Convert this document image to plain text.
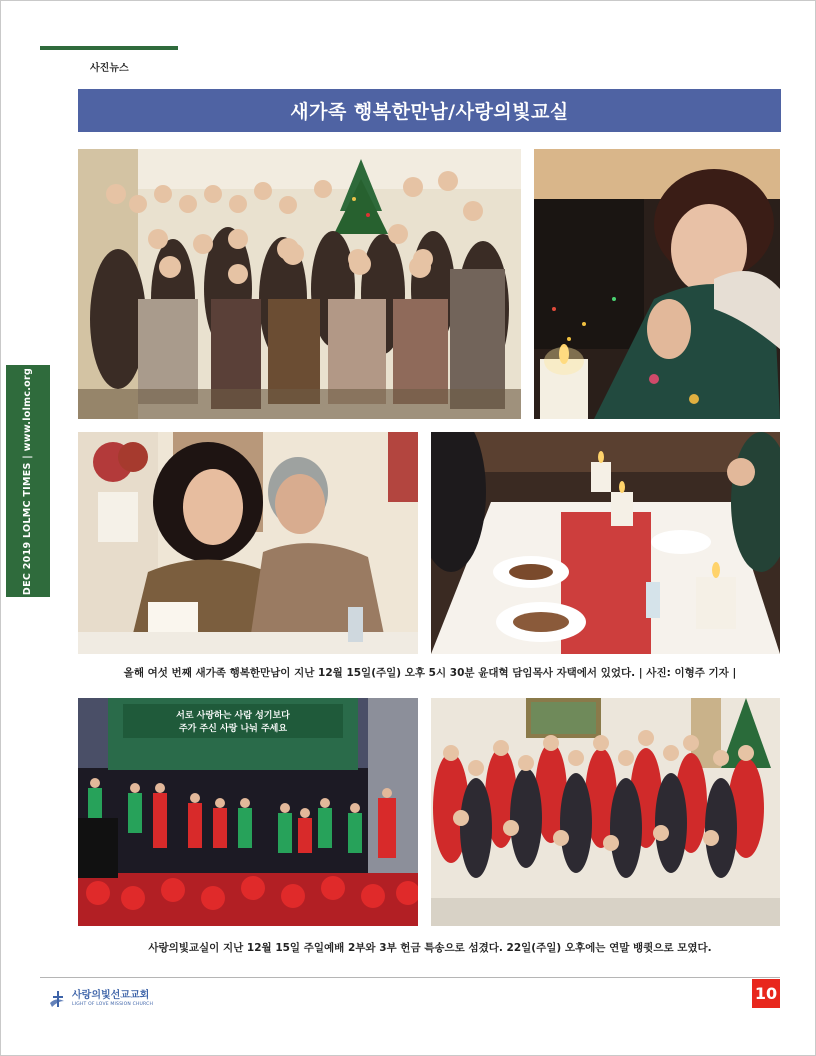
사진뉴스
새가족 행복한만남/사랑의빛교실
DEC 2019 LOLMC TIMES | www.lolmc.org
서로 사랑하는 사람 성기보다
주가 주신 사랑 나눠 주세요
올해 여섯 번째 새가족 행복한만남이 지난 12월 15일(주일) 오후 5시 30분 윤대혁 담임목사 자택에서 있었다. | 사진: 이형주 기자 |
사랑의빛교실이 지난 12월 15일 주일예배 2부와 3부 헌금 특송으로 섬겼다. 22일(주일) 오후에는 연말 뱅큇으로 모였다.
사랑의빛선교교회
LIGHT OF LOVE MISSION CHURCH
10
